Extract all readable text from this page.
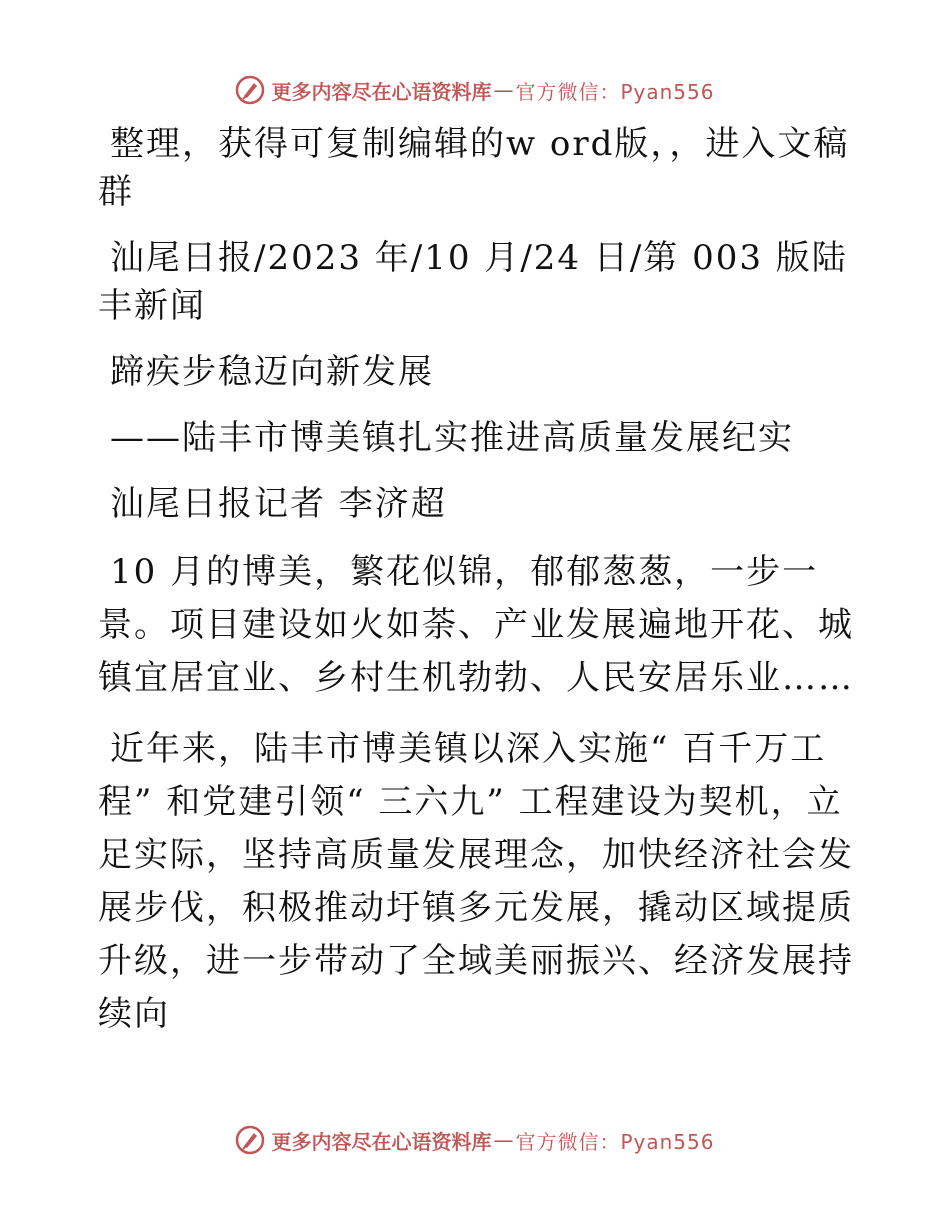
更多内容尽在心语资料库 — 官方微信：Pyan556

整理，获得可复制编辑的w ord版，，进入文稿群

汕尾日报/2023 年/10 月/24 日/第 003 版陆丰新闻

蹄疾步稳迈向新发展

——陆丰市博美镇扎实推进高质量发展纪实

汕尾日报记者 李济超

10 月的博美，繁花似锦，郁郁葱葱，一步一景。项目建设如火如荼、产业发展遍地开花、城镇宜居宜业、乡村生机勃勃、人民安居乐业……

近年来，陆丰市博美镇以深入实施“ 百千万工程” 和党建引领“ 三六九” 工程建设为契机，立足实际，坚持高质量发展理念，加快经济社会发展步伐，积极推动圩镇多元发展，撬动区域提质升级，进一步带动了全域美丽振兴、经济发展持续向

更多内容尽在心语资料库 — 官方微信：Pyan556
